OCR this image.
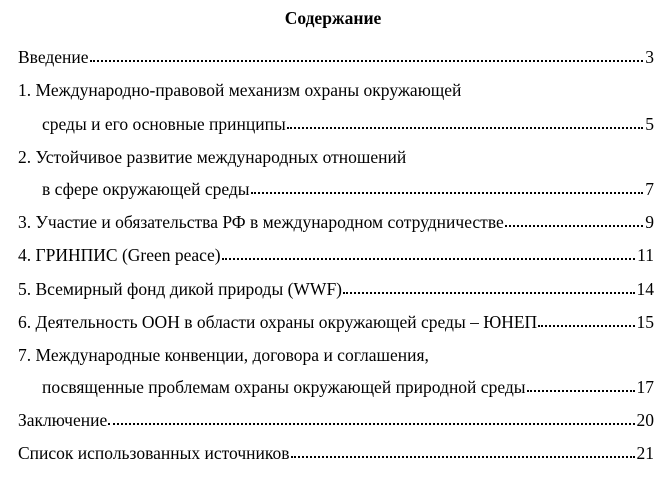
Содержание
Введение	3
1. Международно-правовой механизм охраны окружающей
среды и его основные принципы	5
2. Устойчивое развитие международных отношений
в сфере окружающей среды	7
3. Участие и обязательства РФ в международном сотрудничестве	9
4. ГРИНПИС (Green peace)	11
5. Всемирный фонд дикой природы (WWF)	14
6. Деятельность ООН в области охраны окружающей среды – ЮНЕП	15
7. Международные конвенции, договора и соглашения,
посвященные проблемам охраны окружающей природной среды	17
Заключение	20
Список использованных источников	21
